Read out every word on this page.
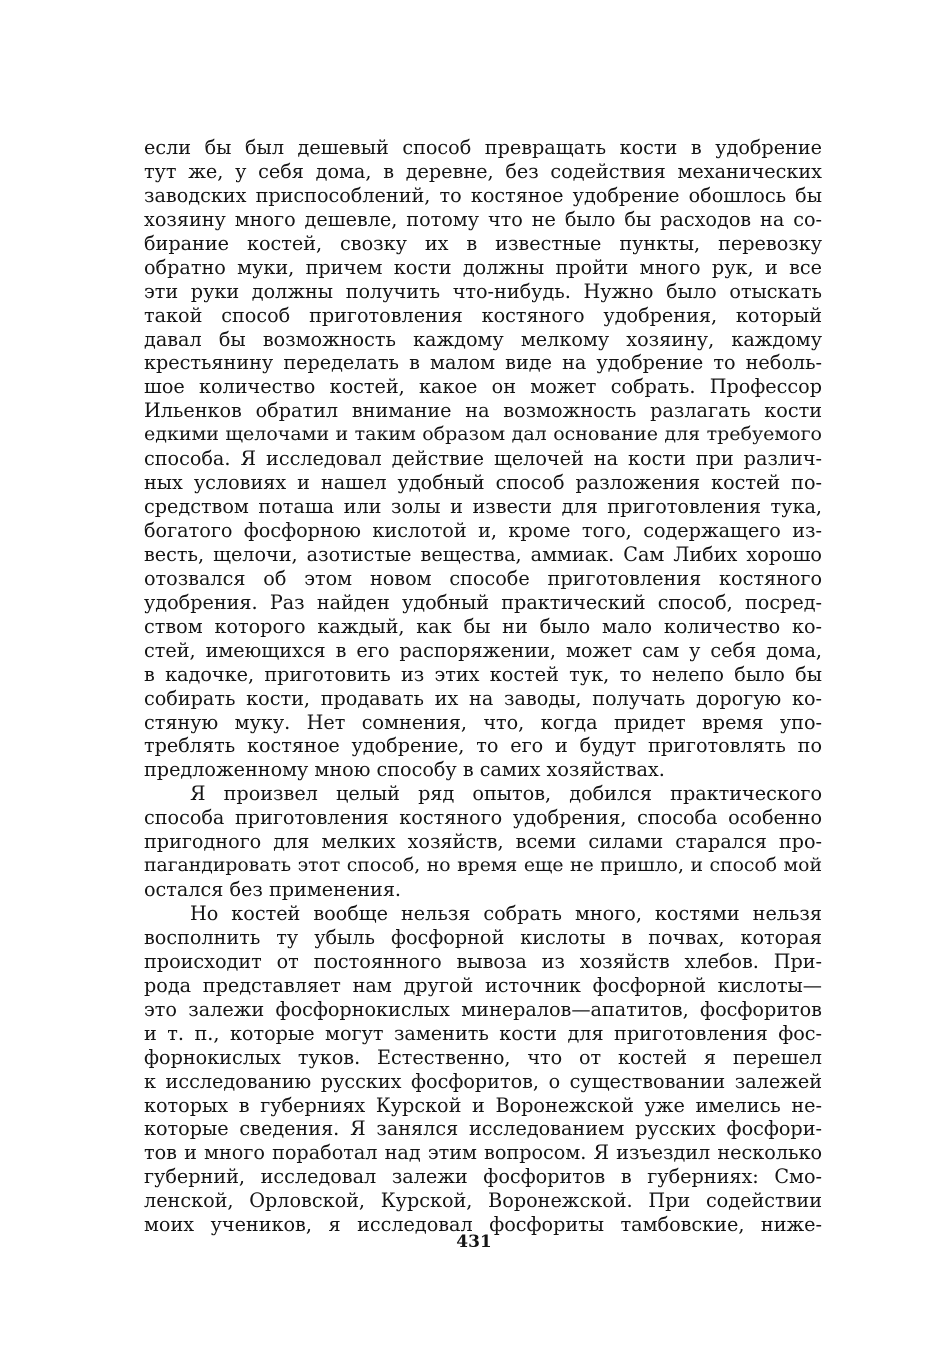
если бы был дешевый способ превращать кости в удобрение
тут же, у себя дома, в деревне, без содействия механических
заводских приспособлений, то костяное удобрение обошлось бы
хозяину много дешевле, потому что не было бы расходов на со-
бирание костей, свозку их в известные пункты, перевозку
обратно муки, причем кости должны пройти много рук, и все
эти руки должны получить что-нибудь. Нужно было отыскать
такой способ приготовления костяного удобрения, который
давал бы возможность каждому мелкому хозяину, каждому
крестьянину переделать в малом виде на удобрение то неболь-
шое количество костей, какое он может собрать. Профессор
Ильенков обратил внимание на возможность разлагать кости
едкими щелочами и таким образом дал основание для требуемого
способа. Я исследовал действие щелочей на кости при различ-
ных условиях и нашел удобный способ разложения костей по-
средством поташа или золы и извести для приготовления тука,
богатого фосфорною кислотой и, кроме того, содержащего из-
весть, щелочи, азотистые вещества, аммиак. Сам Либих хорошо
отозвался об этом новом способе приготовления костяного
удобрения. Раз найден удобный практический способ, посред-
ством которого каждый, как бы ни было мало количество ко-
стей, имеющихся в его распоряжении, может сам у себя дома,
в кадочке, приготовить из этих костей тук, то нелепо было бы
собирать кости, продавать их на заводы, получать дорогую ко-
стяную муку. Нет сомнения, что, когда придет время упо-
треблять костяное удобрение, то его и будут приготовлять по
предложенному мною способу в самих хозяйствах.
Я произвел целый ряд опытов, добился практического
способа приготовления костяного удобрения, способа особенно
пригодного для мелких хозяйств, всеми силами старался про-
пагандировать этот способ, но время еще не пришло, и способ мой
остался без применения.
Но костей вообще нельзя собрать много, костями нельзя
восполнить ту убыль фосфорной кислоты в почвах, которая
происходит от постоянного вывоза из хозяйств хлебов. При-
рода представляет нам другой источник фосфорной кислоты—
это залежи фосфорнокислых минералов—апатитов, фосфоритов
и т. п., которые могут заменить кости для приготовления фос-
форнокислых туков. Естественно, что от костей я перешел
к исследованию русских фосфоритов, о существовании залежей
которых в губерниях Курской и Воронежской уже имелись не-
которые сведения. Я занялся исследованием русских фосфори-
тов и много поработал над этим вопросом. Я изъездил несколько
губерний, исследовал залежи фосфоритов в губерниях: Смо-
ленской, Орловской, Курской, Воронежской. При содействии
моих учеников, я исследовал фосфориты тамбовские, ниже-
431
